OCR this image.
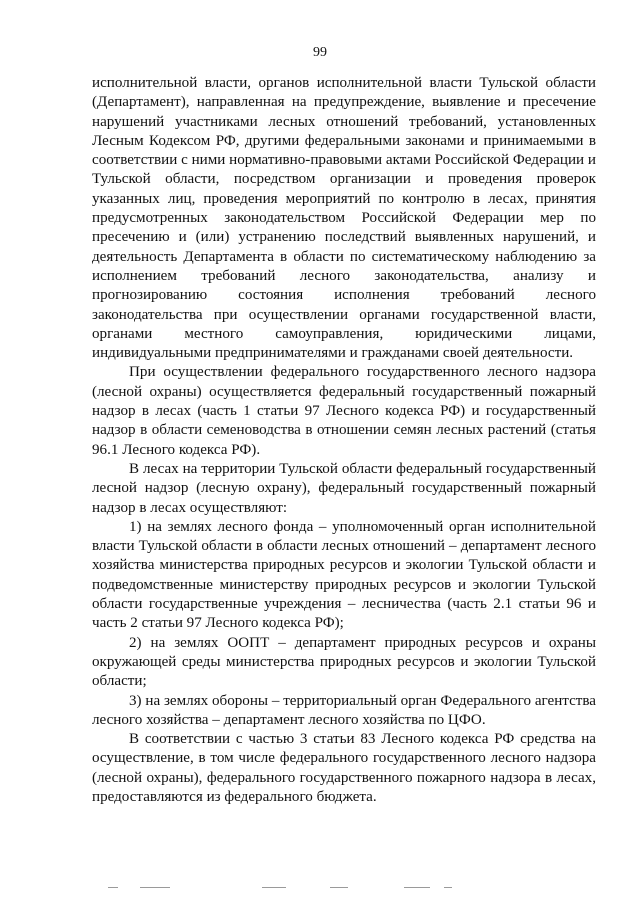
99

исполнительной власти, органов исполнительной власти Тульской области (Департамент), направленная на предупреждение, выявление и пресечение нарушений участниками лесных отношений требований, установленных Лесным Кодексом РФ, другими федеральными законами и принимаемыми в соответствии с ними нормативно-правовыми актами Российской Федерации и Тульской области, посредством организации и проведения проверок указанных лиц, проведения мероприятий по контролю в лесах, принятия предусмотренных законодательством Российской Федерации мер по пресечению и (или) устранению последствий выявленных нарушений, и деятельность Департамента в области по систематическому наблюдению за исполнением требований лесного законодательства, анализу и прогнозированию состояния исполнения требований лесного законодательства при осуществлении органами государственной власти, органами местного самоуправления, юридическими лицами, индивидуальными предпринимателями и гражданами своей деятельности.

При осуществлении федерального государственного лесного надзора (лесной охраны) осуществляется федеральный государственный пожарный надзор в лесах (часть 1 статьи 97 Лесного кодекса РФ) и государственный надзор в области семеноводства в отношении семян лесных растений (статья 96.1 Лесного кодекса РФ).

В лесах на территории Тульской области федеральный государственный лесной надзор (лесную охрану), федеральный государственный пожарный надзор в лесах осуществляют:

1) на землях лесного фонда – уполномоченный орган исполнительной власти Тульской области в области лесных отношений – департамент лесного хозяйства министерства природных ресурсов и экологии Тульской области и подведомственные министерству природных ресурсов и экологии Тульской области государственные учреждения – лесничества (часть 2.1 статьи 96 и часть 2 статьи 97 Лесного кодекса РФ);

2) на землях ООПТ – департамент природных ресурсов и охраны окружающей среды министерства природных ресурсов и экологии Тульской области;

3) на землях обороны – территориальный орган Федерального агентства лесного хозяйства – департамент лесного хозяйства по ЦФО.

В соответствии с частью 3 статьи 83 Лесного кодекса РФ средства на осуществление, в том числе федерального государственного лесного надзора (лесной охраны), федерального государственного пожарного надзора в лесах, предоставляются из федерального бюджета.
